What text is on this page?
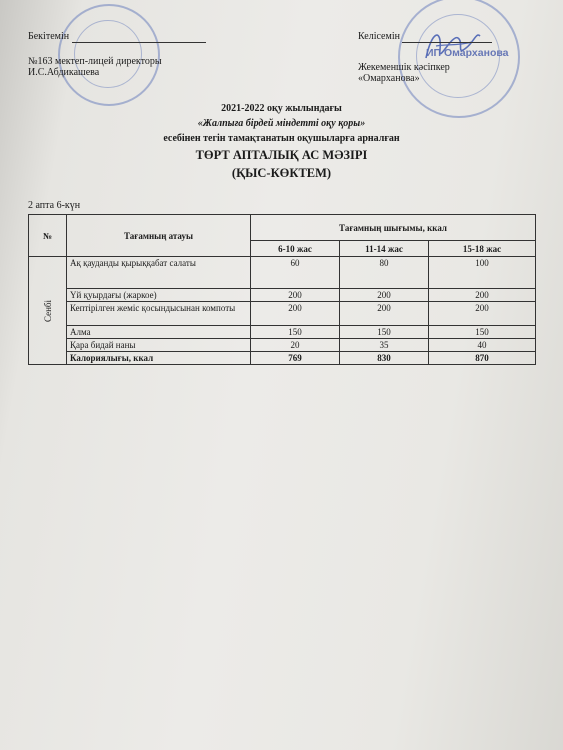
ИП Омарханова
Бекітемін
№163 мектеп-лицей директоры
И.С.Абдикашева
Келісемін
Жекеменшік кәсіпкер
«Омарханова»
2021-2022 оқу жылындағы
«Жалпыға бірдей міндетті оқу қоры»
есебінен тегін тамақтанатын оқушыларға арналған
ТӨРТ АПТАЛЫҚ АС МӘЗІРІ
(ҚЫС-КӨКТЕМ)
2 апта 6-күн
№	Тағамның атауы	Тағамның шығымы, ккал		
		6-10 жас	11-14 жас	15-18 жас
Сенбі	Ақ қауданды қырыққабат салаты	60	80	100
	Үй қуырдағы (жаркое)	200	200	200
	Кептірілген жеміс қосындысынан компоты	200	200	200
	Алма	150	150	150
	Қара бидай наны	20	35	40
	Калориялығы, ккал	769	830	870
